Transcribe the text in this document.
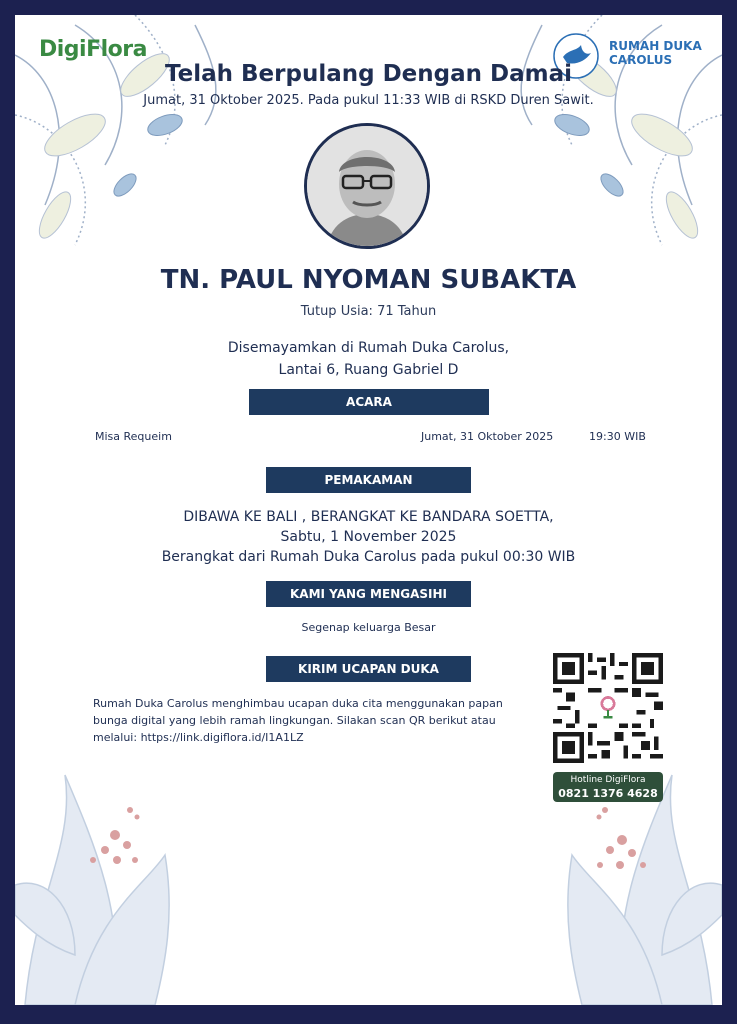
DigiFlora	RUMAH DUKA
CAROLUS
Telah Berpulang Dengan Damai
Jumat, 31 Oktober 2025. Pada pukul 11:33 WIB di RSKD Duren Sawit.
TN. PAUL NYOMAN SUBAKTA
Tutup Usia: 71 Tahun
Disemayamkan di Rumah Duka Carolus,
Lantai 6, Ruang Gabriel D
ACARA
Misa Requeim	Jumat, 31 Oktober 2025	19:30 WIB
PEMAKAMAN
DIBAWA KE BALI , BERANGKAT KE BANDARA SOETTA,
Sabtu, 1 November 2025
Berangkat dari Rumah Duka Carolus pada pukul 00:30 WIB
KAMI YANG MENGASIHI
Segenap keluarga Besar
KIRIM UCAPAN DUKA
Rumah Duka Carolus menghimbau ucapan duka cita menggunakan papan
bunga digital yang lebih ramah lingkungan. Silakan scan QR berikut atau
melalui: https://link.digiflora.id/I1A1LZ
Hotline DigiFlora
0821 1376 4628
